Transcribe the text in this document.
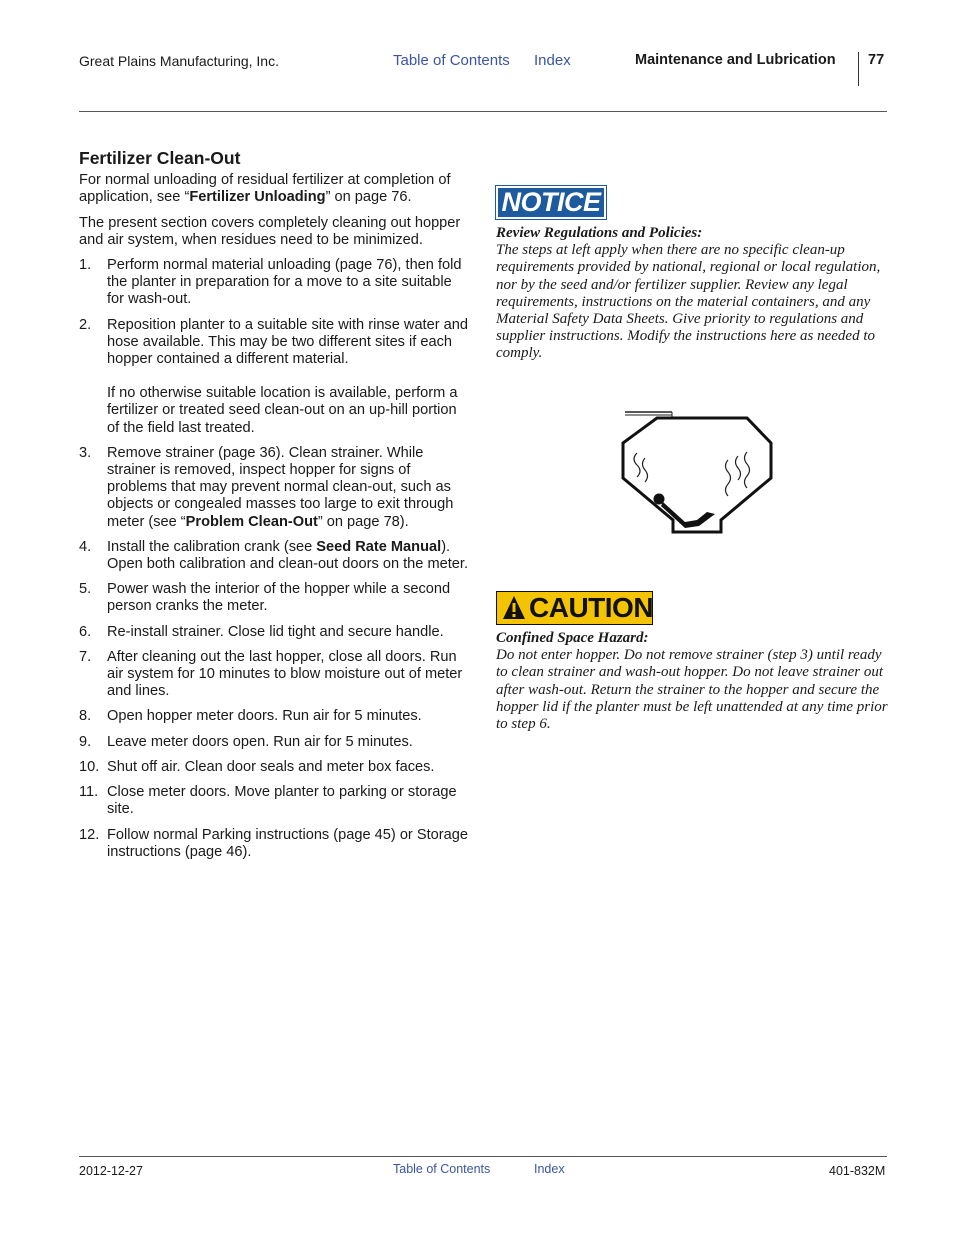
Great Plains Manufacturing, Inc.	Table of Contents Index	Maintenance and Lubrication 77
Fertilizer Clean-Out

For normal unloading of residual fertilizer at completion of application, see “Fertilizer Unloading” on page 76.

The present section covers completely cleaning out hopper and air system, when residues need to be minimized.

1. Perform normal material unloading (page 76), then fold the planter in preparation for a move to a site suitable for wash-out.
2. Reposition planter to a suitable site with rinse water and hose available. This may be two different sites if each hopper contained a different material.
If no otherwise suitable location is available, perform a fertilizer or treated seed clean-out on an up-hill portion of the field last treated.
3. Remove strainer (page 36). Clean strainer. While strainer is removed, inspect hopper for signs of problems that may prevent normal clean-out, such as objects or congealed masses too large to exit through meter (see “Problem Clean-Out” on page 78).
4. Install the calibration crank (see Seed Rate Manual). Open both calibration and clean-out doors on the meter.
5. Power wash the interior of the hopper while a second person cranks the meter.
6. Re-install strainer. Close lid tight and secure handle.
7. After cleaning out the last hopper, close all doors. Run air system for 10 minutes to blow moisture out of meter and lines.
8. Open hopper meter doors. Run air for 5 minutes.
9. Leave meter doors open. Run air for 5 minutes.
10. Shut off air. Clean door seals and meter box faces.
11. Close meter doors. Move planter to parking or storage site.
12. Follow normal Parking instructions (page 45) or Storage instructions (page 46).
NOTICE
Review Regulations and Policies:
The steps at left apply when there are no specific clean-up requirements provided by national, regional or local regulation, nor by the seed and/or fertilizer supplier. Review any legal requirements, instructions on the material containers, and any Material Safety Data Sheets. Give priority to regulations and supplier instructions. Modify the instructions here as needed to comply.
CAUTION
Confined Space Hazard:
Do not enter hopper. Do not remove strainer (step 3) until ready to clean strainer and wash-out hopper. Do not leave strainer out after wash-out. Return the strainer to the hopper and secure the hopper lid if the planter must be left unattended at any time prior to step 6.
2012-12-27	Table of Contents	Index	401-832M
